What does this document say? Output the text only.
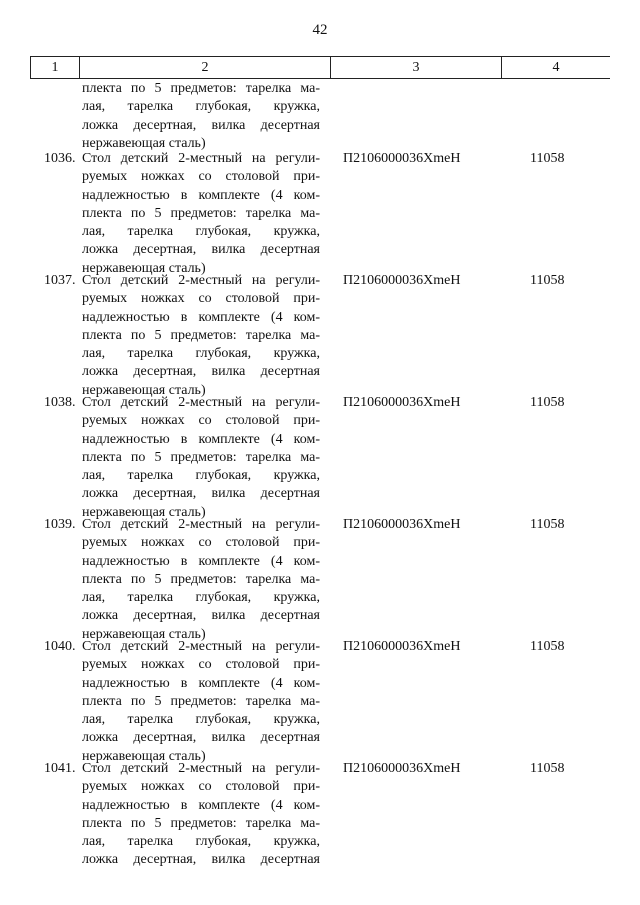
42
1	2	3	4
плекта по 5 предметов: тарелка ма-
лая, тарелка глубокая, кружка,
ложка десертная, вилка десертная
нержавеющая сталь)
1036. Стол детский 2-местный на регули-
руемых ножках со столовой при-
надлежностью в комплекте (4 ком-
плекта по 5 предметов: тарелка ма-
лая, тарелка глубокая, кружка,
ложка десертная, вилка десертная
нержавеющая сталь)
П2106000036ХmeH	11058
1037. Стол детский 2-местный на регули-
руемых ножках со столовой при-
надлежностью в комплекте (4 ком-
плекта по 5 предметов: тарелка ма-
лая, тарелка глубокая, кружка,
ложка десертная, вилка десертная
нержавеющая сталь)
П2106000036ХmeH	11058
1038. Стол детский 2-местный на регули-
руемых ножках со столовой при-
надлежностью в комплекте (4 ком-
плекта по 5 предметов: тарелка ма-
лая, тарелка глубокая, кружка,
ложка десертная, вилка десертная
нержавеющая сталь)
П2106000036ХmeH	11058
1039. Стол детский 2-местный на регули-
руемых ножках со столовой при-
надлежностью в комплекте (4 ком-
плекта по 5 предметов: тарелка ма-
лая, тарелка глубокая, кружка,
ложка десертная, вилка десертная
нержавеющая сталь)
П2106000036ХmeH	11058
1040. Стол детский 2-местный на регули-
руемых ножках со столовой при-
надлежностью в комплекте (4 ком-
плекта по 5 предметов: тарелка ма-
лая, тарелка глубокая, кружка,
ложка десертная, вилка десертная
нержавеющая сталь)
П2106000036ХmeH	11058
1041. Стол детский 2-местный на регули-
руемых ножках со столовой при-
надлежностью в комплекте (4 ком-
плекта по 5 предметов: тарелка ма-
лая, тарелка глубокая, кружка,
ложка десертная, вилка десертная
П2106000036ХmeH	11058
